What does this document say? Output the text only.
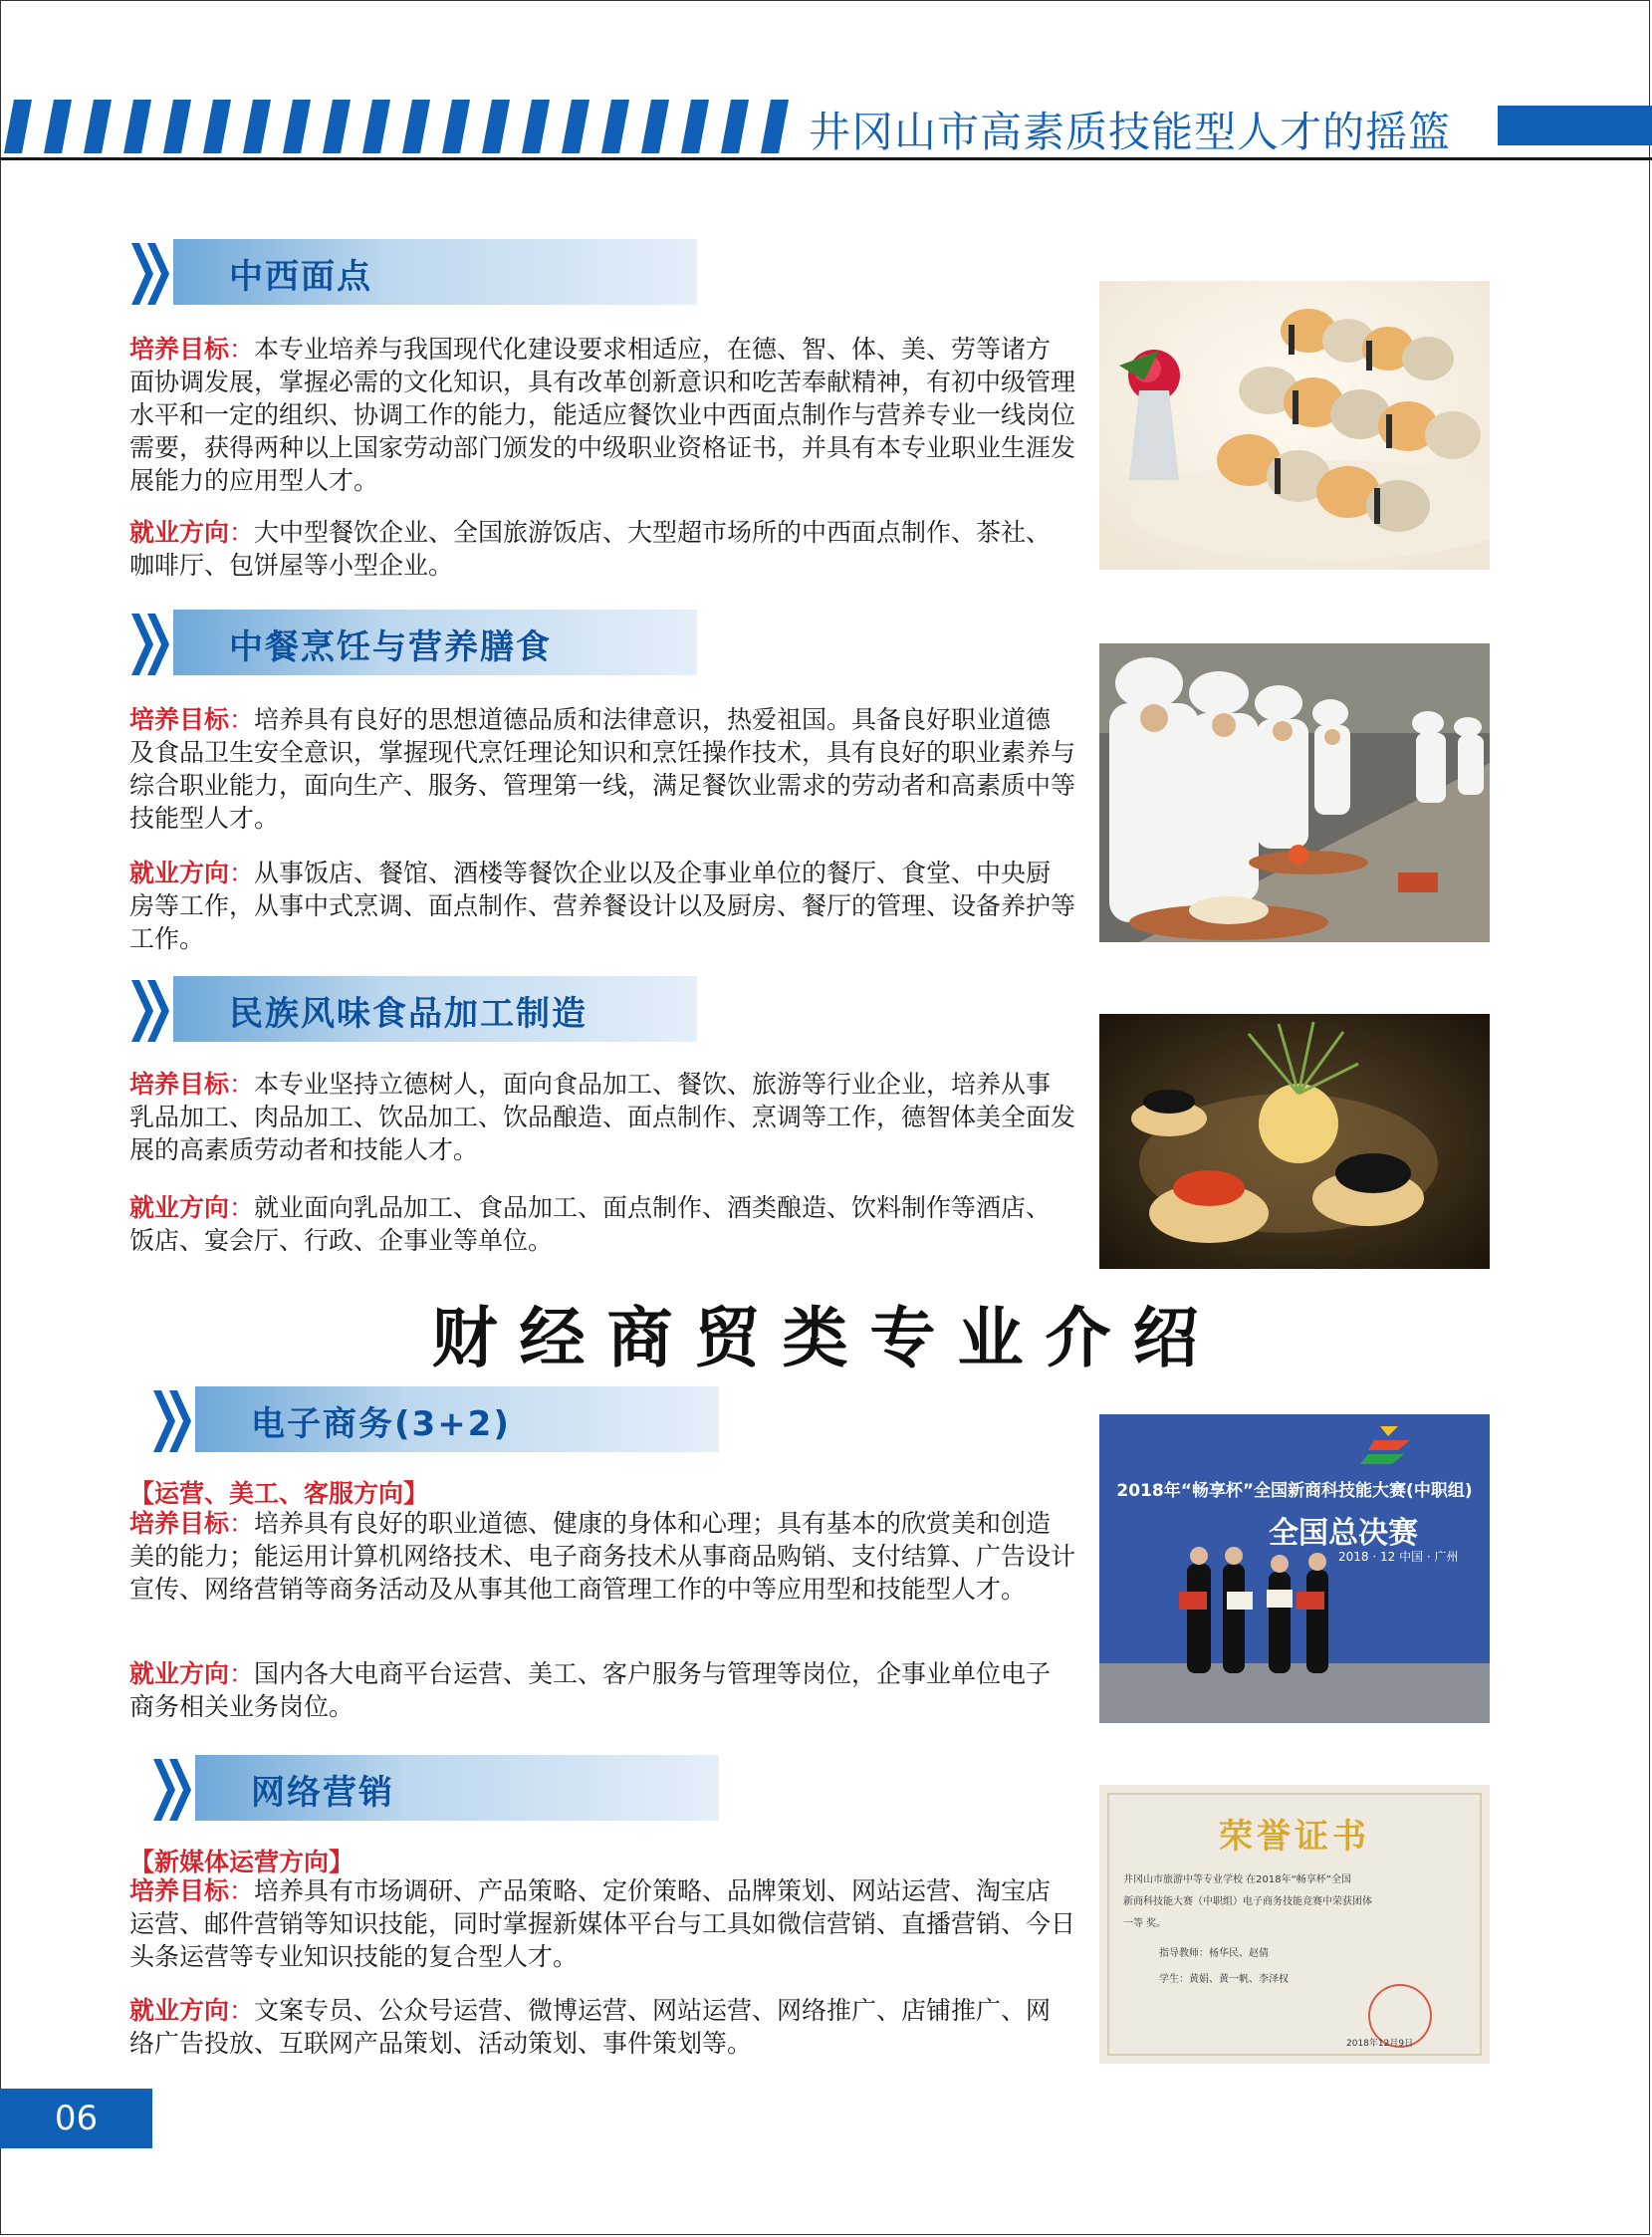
井冈山市高素质技能型人才的摇篮
中西面点
培养目标：本专业培养与我国现代化建设要求相适应，在德、智、体、美、劳等诸方面协调发展，掌握必需的文化知识，具有改革创新意识和吃苦奉献精神，有初中级管理水平和一定的组织、协调工作的能力，能适应餐饮业中西面点制作与营养专业一线岗位需要，获得两种以上国家劳动部门颁发的中级职业资格证书，并具有本专业职业生涯发展能力的应用型人才。
就业方向：大中型餐饮企业、全国旅游饭店、大型超市场所的中西面点制作、茶社、咖啡厅、包饼屋等小型企业。
中餐烹饪与营养膳食
培养目标：培养具有良好的思想道德品质和法律意识，热爱祖国。具备良好职业道德及食品卫生安全意识，掌握现代烹饪理论知识和烹饪操作技术，具有良好的职业素养与综合职业能力，面向生产、服务、管理第一线，满足餐饮业需求的劳动者和高素质中等技能型人才。
就业方向：从事饭店、餐馆、酒楼等餐饮企业以及企事业单位的餐厅、食堂、中央厨房等工作，从事中式烹调、面点制作、营养餐设计以及厨房、餐厅的管理、设备养护等工作。
民族风味食品加工制造
培养目标：本专业坚持立德树人，面向食品加工、餐饮、旅游等行业企业，培养从事乳品加工、肉品加工、饮品加工、饮品酿造、面点制作、烹调等工作，德智体美全面发展的高素质劳动者和技能人才。
就业方向：就业面向乳品加工、食品加工、面点制作、酒类酿造、饮料制作等酒店、饭店、宴会厅、行政、企事业等单位。
财经商贸类专业介绍
电子商务(3+2)
【运营、美工、客服方向】
培养目标：培养具有良好的职业道德、健康的身体和心理；具有基本的欣赏美和创造美的能力；能运用计算机网络技术、电子商务技术从事商品购销、支付结算、广告设计宣传、网络营销等商务活动及从事其他工商管理工作的中等应用型和技能型人才。
就业方向：国内各大电商平台运营、美工、客户服务与管理等岗位，企事业单位电子商务相关业务岗位。
2018年“畅享杯”全国新商科技能大赛(中职组)
全国总决赛
2018 · 12 中国 · 广州
网络营销
【新媒体运营方向】
培养目标：培养具有市场调研、产品策略、定价策略、品牌策划、网站运营、淘宝店运营、邮件营销等知识技能，同时掌握新媒体平台与工具如微信营销、直播营销、今日头条运营等专业知识技能的复合型人才。
就业方向：文案专员、公众号运营、微博运营、网站运营、网络推广、店铺推广、网络广告投放、互联网产品策划、活动策划、事件策划等。
荣誉证书
井冈山市旅游中等专业学校 在2018年“畅享杯”全国
新商科技能大赛（中职组）电子商务技能竞赛中荣获团体
一等 奖。
指导教师：杨华民、赵倩
学生：黄娟、黄一帆、李泽权
2018年12月9日
06
